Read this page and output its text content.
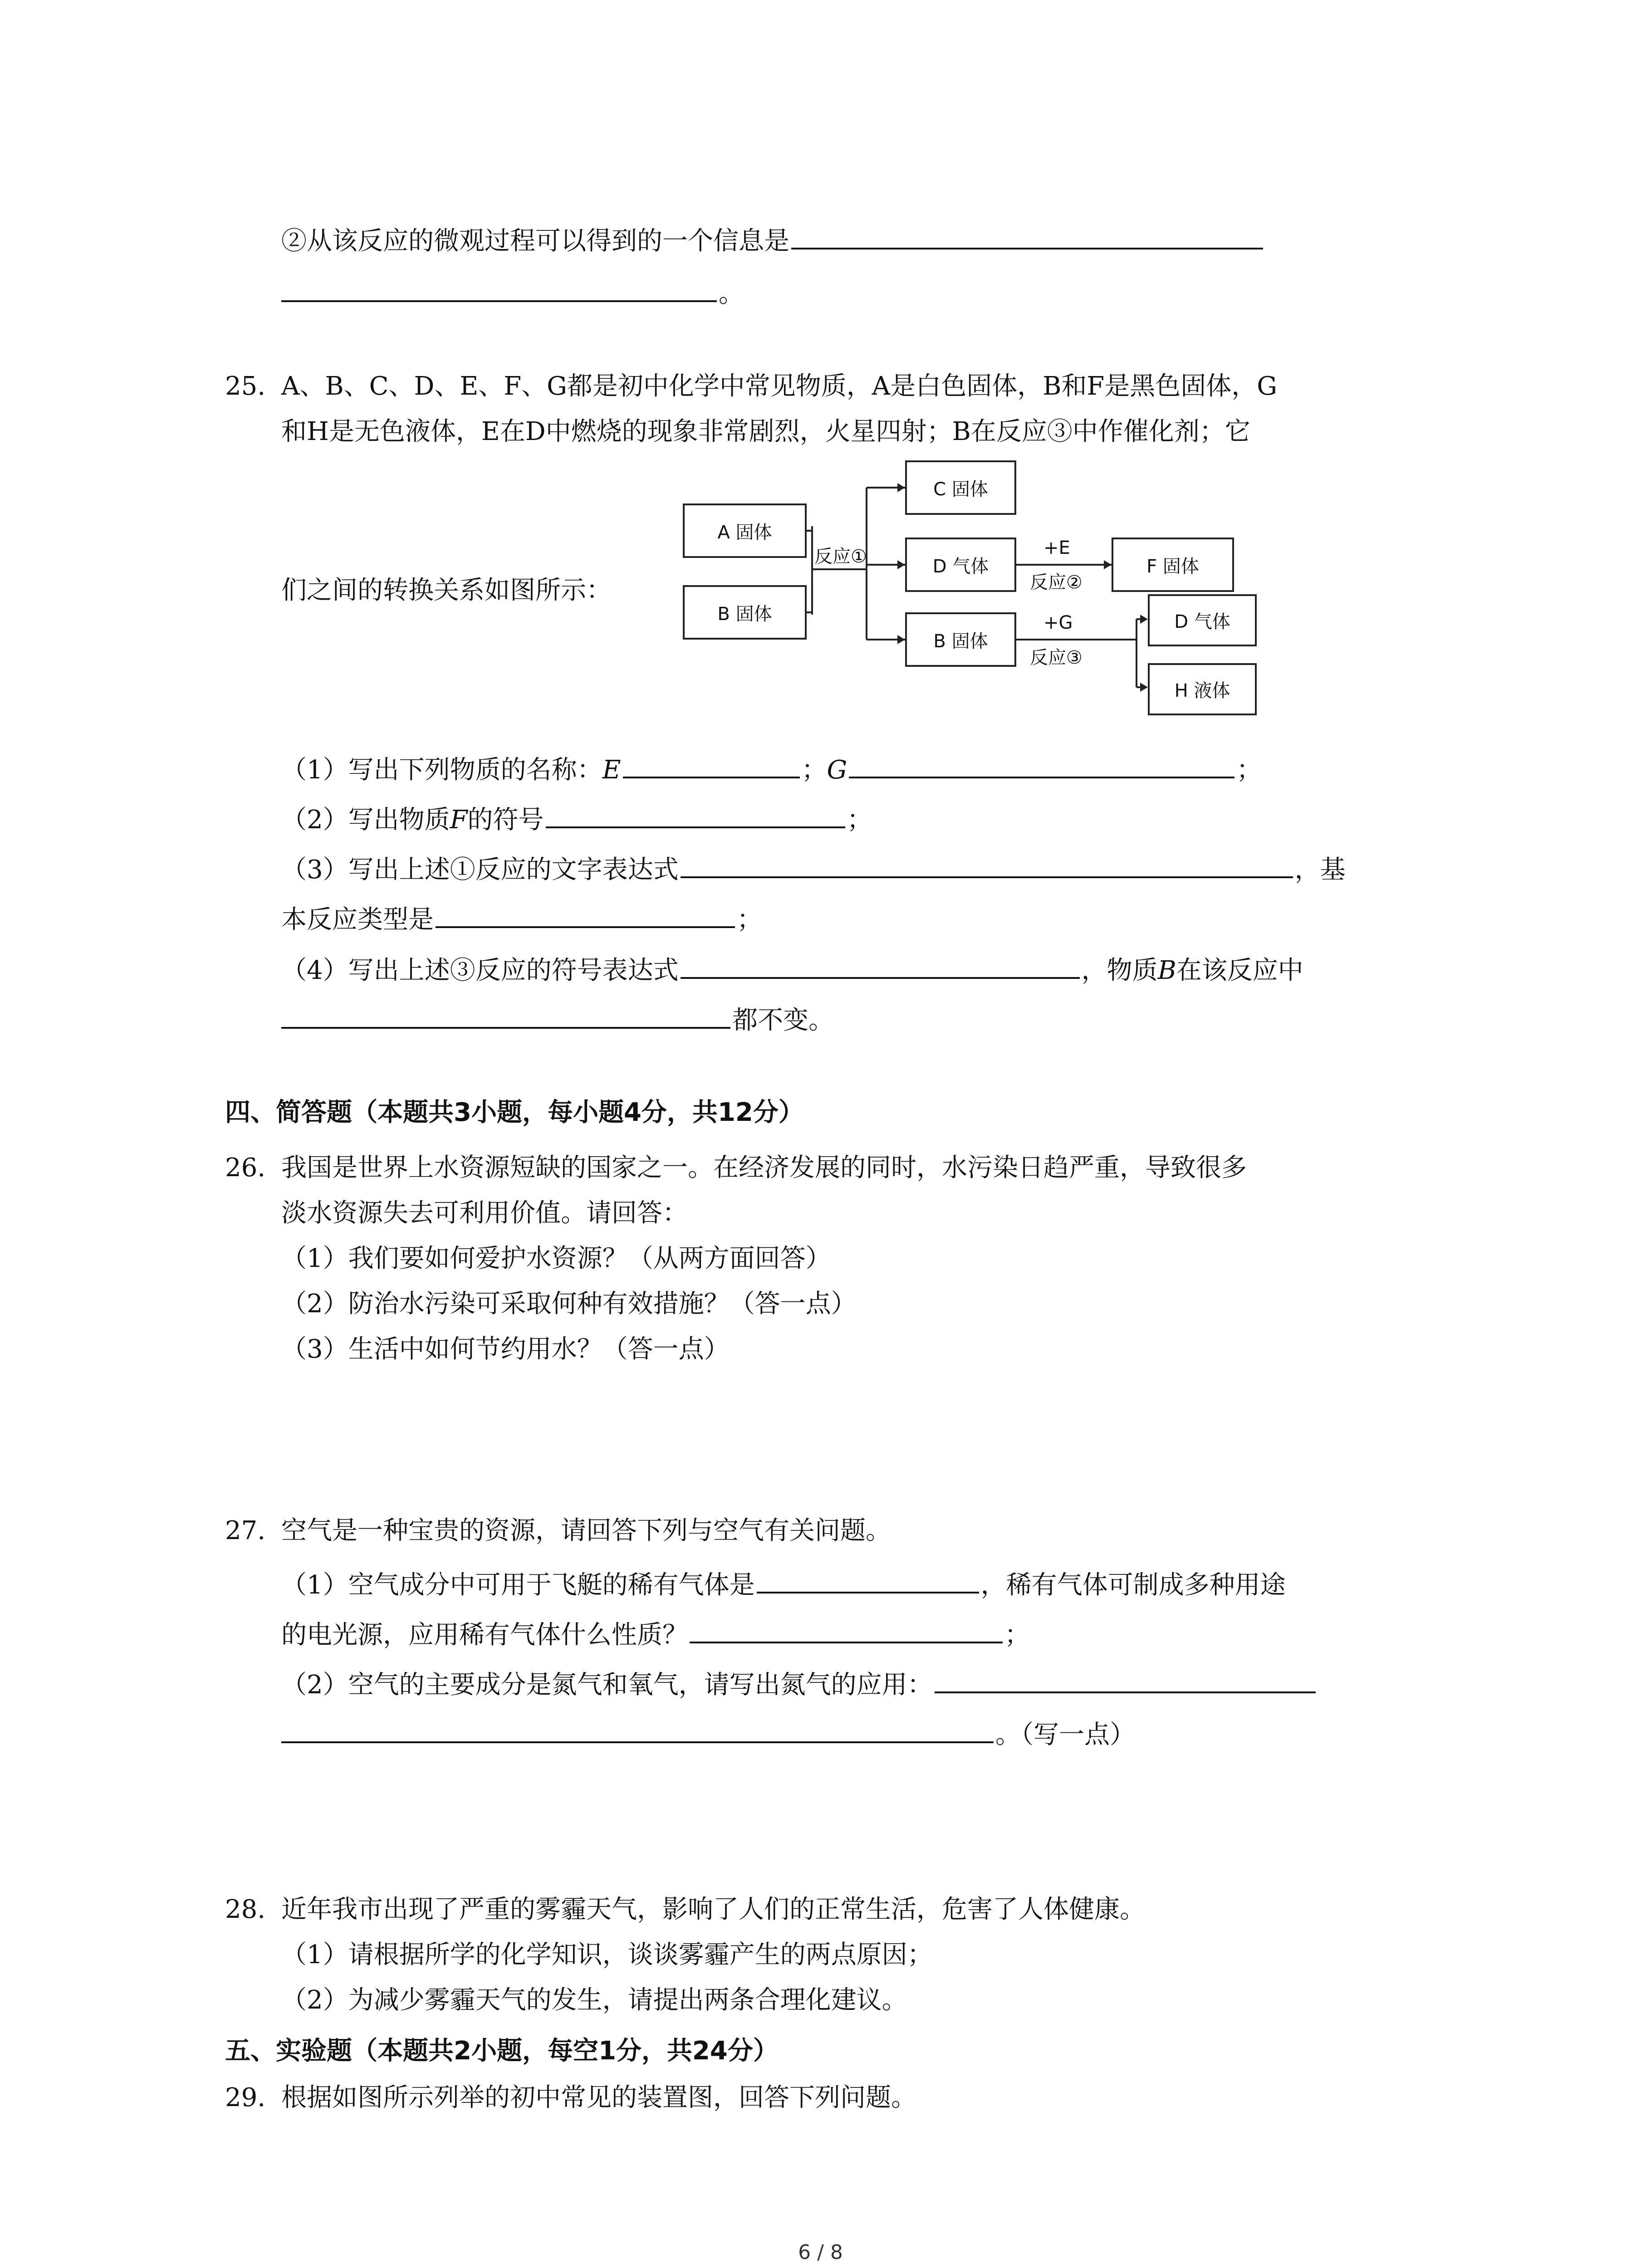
②从该反应的微观过程可以得到的一个信息是
。
25. A、B、C、D、E、F、G都是初中化学中常见物质，A是白色固体，B和F是黑色固体，G
和H是无色液体，E在D中燃烧的现象非常剧烈，火星四射；B在反应③中作催化剂；它
们之间的转换关系如图所示：
A 固体
B 固体
反应①
C 固体
D 气体
B 固体
+E
反应②
F 固体
+G
反应③
D 气体
H 液体
（1）写出下列物质的名称：E	；G	；
（2）写出物质F的符号	；
（3）写出上述①反应的文字表达式	，基
本反应类型是	；
（4）写出上述③反应的符号表达式	，物质B在该反应中
都不变。
四、简答题（本题共3小题，每小题4分，共12分）
26. 我国是世界上水资源短缺的国家之一。在经济发展的同时，水污染日趋严重，导致很多
淡水资源失去可利用价值。请回答：
（1）我们要如何爱护水资源？（从两方面回答）
（2）防治水污染可采取何种有效措施？（答一点）
（3）生活中如何节约用水？（答一点）
27. 空气是一种宝贵的资源，请回答下列与空气有关问题。
（1）空气成分中可用于飞艇的稀有气体是	，稀有气体可制成多种用途
的电光源，应用稀有气体什么性质？	；
（2）空气的主要成分是氮气和氧气，请写出氮气的应用：
。（写一点）
28. 近年我市出现了严重的雾霾天气，影响了人们的正常生活，危害了人体健康。
（1）请根据所学的化学知识，谈谈雾霾产生的两点原因；
（2）为减少雾霾天气的发生，请提出两条合理化建议。
五、实验题（本题共2小题，每空1分，共24分）
29. 根据如图所示列举的初中常见的装置图，回答下列问题。
6 / 8
